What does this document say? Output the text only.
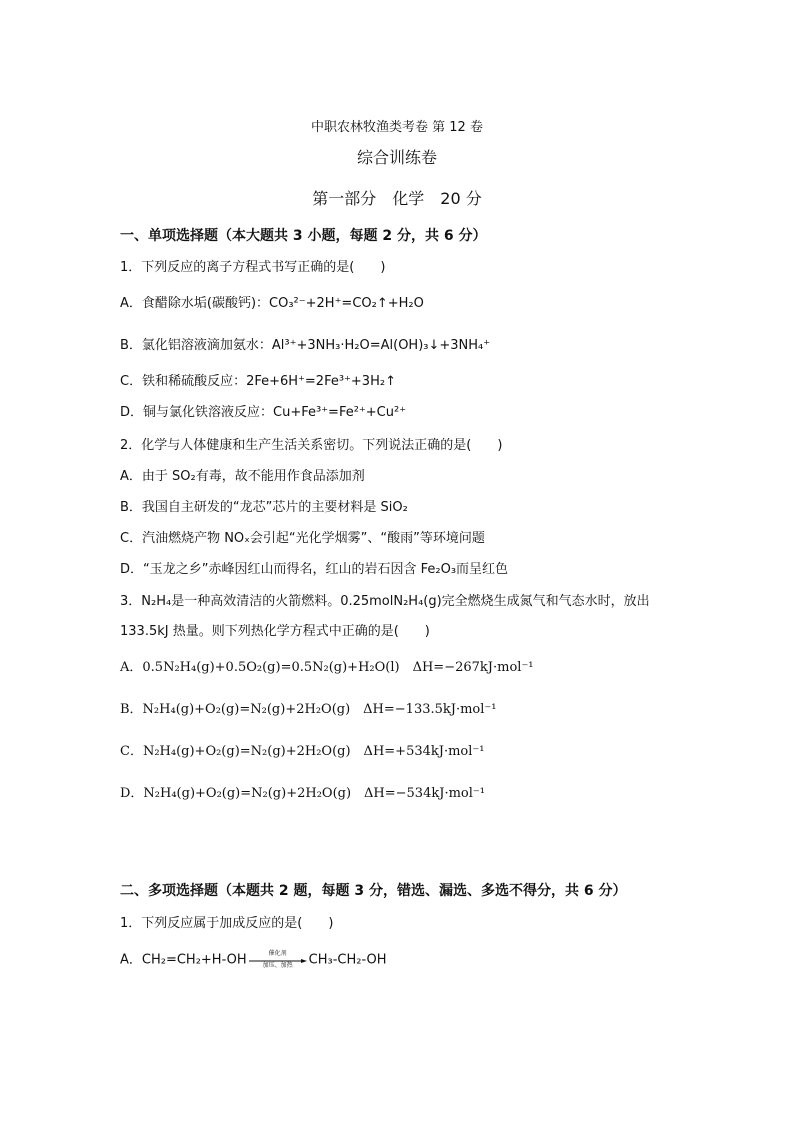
中职农林牧渔类考卷 第 12 卷
综合训练卷
第一部分　化学　20 分
一、单项选择题（本大题共 3 小题，每题 2 分，共 6 分）
1．下列反应的离子方程式书写正确的是(　　)
A．食醋除水垢(碳酸钙)：CO₃²⁻+2H⁺=CO₂↑+H₂O
B．氯化铝溶液滴加氨水：Al³⁺+3NH₃·H₂O=Al(OH)₃↓+3NH₄⁺
C．铁和稀硫酸反应：2Fe+6H⁺=2Fe³⁺+3H₂↑
D．铜与氯化铁溶液反应：Cu+Fe³⁺=Fe²⁺+Cu²⁺
2．化学与人体健康和生产生活关系密切。下列说法正确的是(　　)
A．由于 SO₂有毒，故不能用作食品添加剂
B．我国自主研发的“龙芯”芯片的主要材料是 SiO₂
C．汽油燃烧产物 NOₓ会引起“光化学烟雾”、“酸雨”等环境问题
D．“玉龙之乡”赤峰因红山而得名，红山的岩石因含 Fe₂O₃而呈红色
3．N₂H₄是一种高效清洁的火箭燃料。0.25molN₂H₄(g)完全燃烧生成氮气和气态水时，放出
133.5kJ 热量。则下列热化学方程式中正确的是(　　)
A．0.5N₂H₄(g)+0.5O₂(g)=0.5N₂(g)+H₂O(l)　ΔH=−267kJ·mol⁻¹
B．N₂H₄(g)+O₂(g)=N₂(g)+2H₂O(g)　ΔH=−133.5kJ·mol⁻¹
C．N₂H₄(g)+O₂(g)=N₂(g)+2H₂O(g)　ΔH=+534kJ·mol⁻¹
D．N₂H₄(g)+O₂(g)=N₂(g)+2H₂O(g)　ΔH=−534kJ·mol⁻¹
二、多项选择题（本题共 2 题，每题 3 分，错选、漏选、多选不得分，共 6 分）
1．下列反应属于加成反应的是(　　)
A．CH₂=CH₂+H-OH	催化剂
加压、加热	CH₃-CH₂-OH
